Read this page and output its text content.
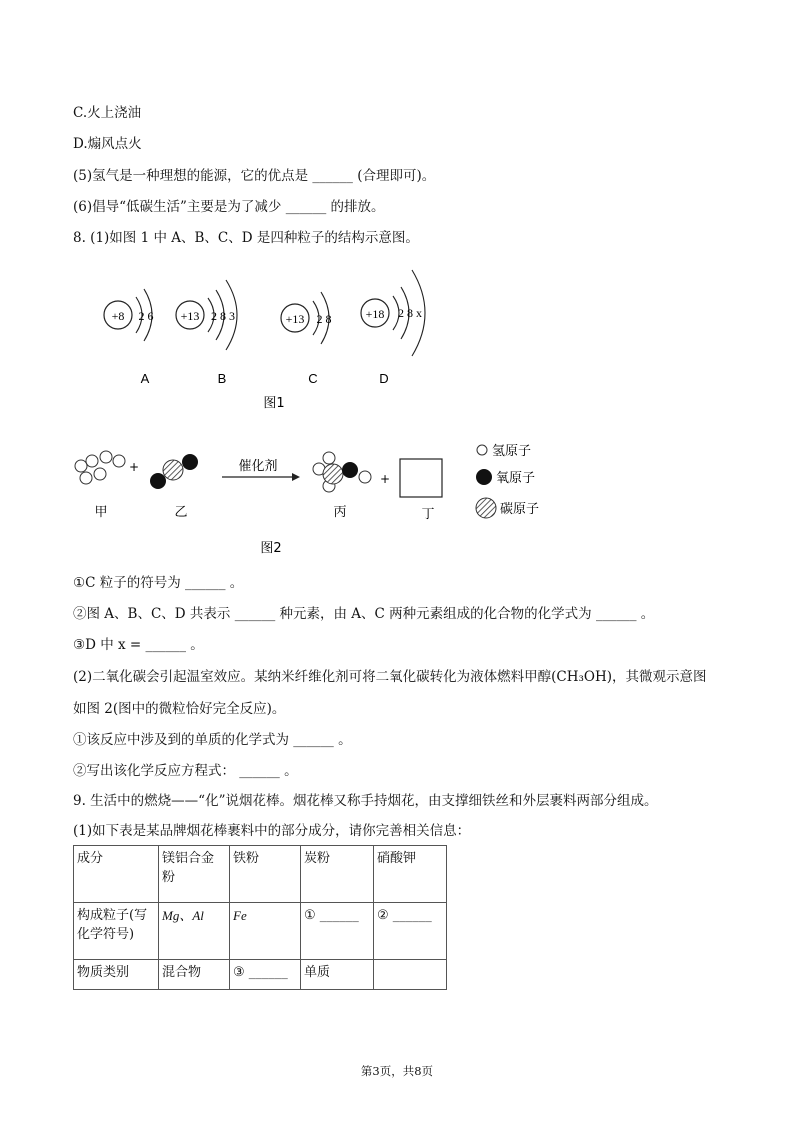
C.火上浇油
D.煽风点火
(5)氢气是一种理想的能源，它的优点是 ______ (合理即可)。
(6)倡导“低碳生活”主要是为了减少 ______ 的排放。
8. (1)如图 1 中 A、B、C、D 是四种粒子的结构示意图。
+8 2 6
A
+13 2 8 3
B
+13 2 8
C
+18 2 8 x
D
图1
+	催化剂
+
甲	乙	丙	丁
氢原子
氧原子
碳原子
图2
①C 粒子的符号为 ______ 。
②图 A、B、C、D 共表示 ______ 种元素，由 A、C 两种元素组成的化合物的化学式为 ______ 。
③D 中 x = ______ 。
(2)二氧化碳会引起温室效应。某纳米纤维化剂可将二氧化碳转化为液体燃料甲醇(CH₃OH)，其微观示意图
如图 2(图中的微粒恰好完全反应)。
①该反应中涉及到的单质的化学式为 ______ 。
②写出该化学反应方程式： ______ 。
9. 生活中的燃烧——“化”说烟花棒。烟花棒又称手持烟花，由支撑细铁丝和外层裹料两部分组成。
(1)如下表是某品牌烟花棒裹料中的部分成分，请你完善相关信息：
成分	镁铝合金粉	铁粉	炭粉	硝酸钾
构成粒子(写化学符号)	Mg、Al	Fe	① ______	② ______
物质类别	混合物	③ ______	单质	
第3页，共8页
